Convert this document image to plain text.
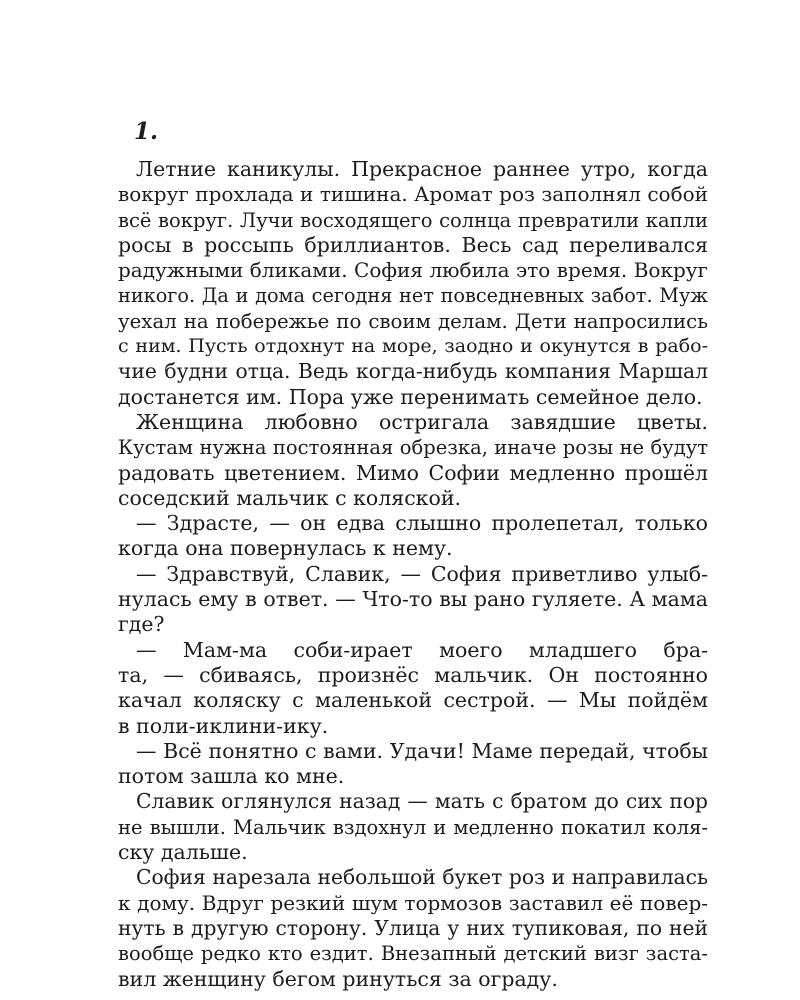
1.
Летние каникулы. Прекрасное раннее утро, когда
вокруг прохлада и тишина. Аромат роз заполнял собой
всё вокруг. Лучи восходящего солнца превратили капли
росы в россыпь бриллиантов. Весь сад переливался
радужными бликами. София любила это время. Вокруг
никого. Да и дома сегодня нет повседневных забот. Муж
уехал на побережье по своим делам. Дети напросились
с ним. Пусть отдохнут на море, заодно и окунутся в рабо-
чие будни отца. Ведь когда-нибудь компания Маршал
достанется им. Пора уже перенимать семейное дело.
Женщина любовно остригала завядшие цветы.
Кустам нужна постоянная обрезка, иначе розы не будут
радовать цветением. Мимо Софии медленно прошёл
соседский мальчик с коляской.
— Здрасте, — он едва слышно пролепетал, только
когда она повернулась к нему.
— Здравствуй, Славик, — София приветливо улыб-
нулась ему в ответ. — Что-то вы рано гуляете. А мама
где?
— Мам-ма соби-ирает моего младшего бра-
та, — сбиваясь, произнёс мальчик. Он постоянно
качал коляску с маленькой сестрой. — Мы пойдём
в поли-иклини-ику.
— Всё понятно с вами. Удачи! Маме передай, чтобы
потом зашла ко мне.
Славик оглянулся назад — мать с братом до сих пор
не вышли. Мальчик вздохнул и медленно покатил коля-
ску дальше.
София нарезала небольшой букет роз и направилась
к дому. Вдруг резкий шум тормозов заставил её повер-
нуть в другую сторону. Улица у них тупиковая, по ней
вообще редко кто ездит. Внезапный детский визг заста-
вил женщину бегом ринуться за ограду.
